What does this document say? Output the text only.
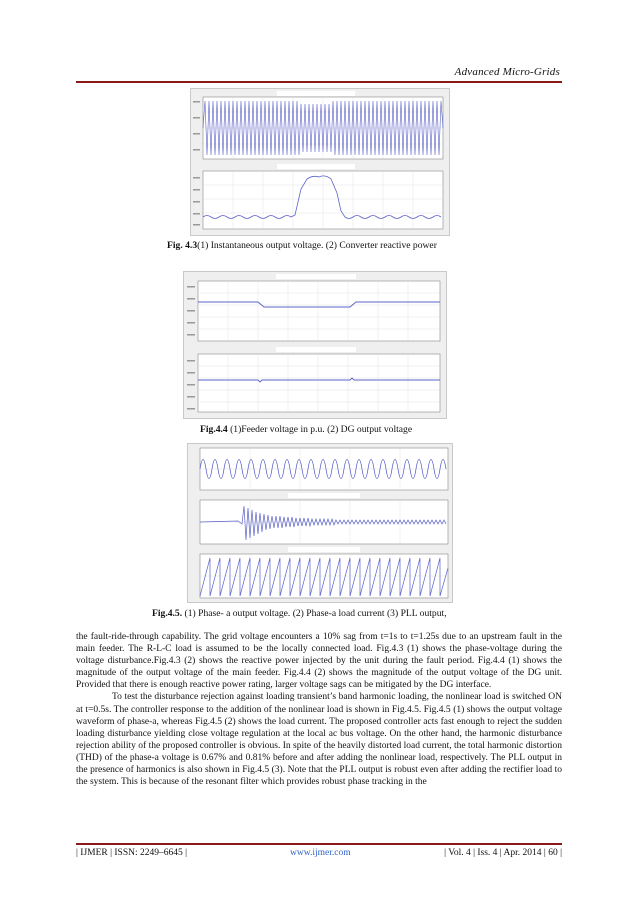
Advanced Micro-Grids
Fig. 4.3(1) Instantaneous output voltage. (2) Converter reactive power
Fig.4.4 (1)Feeder voltage in p.u. (2) DG output voltage
Fig.4.5. (1) Phase- a output voltage. (2) Phase-a load current (3) PLL output,

the fault-ride-through capability. The grid voltage encounters a 10% sag from t=1s to t=1.25s due to an upstream fault in the main feeder. The R-L-C load is assumed to be the locally connected load. Fig.4.3 (1) shows the phase-voltage during the voltage disturbance.Fig.4.3 (2) shows the reactive power injected by the unit during the fault period. Fig.4.4 (1) shows the magnitude of the output voltage of the main feeder. Fig.4.4 (2) shows the magnitude of the output voltage of the DG unit. Provided that there is enough reactive power rating, larger voltage sags can be mitigated by the DG interface.

To test the disturbance rejection against loading transient’s band harmonic loading, the nonlinear load is switched ON at t=0.5s. The controller response to the addition of the nonlinear load is shown in Fig.4.5. Fig.4.5 (1) shows the output voltage waveform of phase-a, whereas Fig.4.5 (2) shows the load current. The proposed controller acts fast enough to reject the sudden loading disturbance yielding close voltage regulation at the local ac bus voltage. On the other hand, the harmonic disturbance rejection ability of the proposed controller is obvious. In spite of the heavily distorted load current, the total harmonic distortion (THD) of the phase-a voltage is 0.67% and 0.81% before and after adding the nonlinear load, respectively. The PLL output in the presence of harmonics is also shown in Fig.4.5 (3). Note that the PLL output is robust even after adding the rectifier load to the system. This is because of the resonant filter which provides robust phase tracking in the

| IJMER | ISSN: 2249–6645 |	www.ijmer.com	| Vol. 4 | Iss. 4 | Apr. 2014 | 60 |
